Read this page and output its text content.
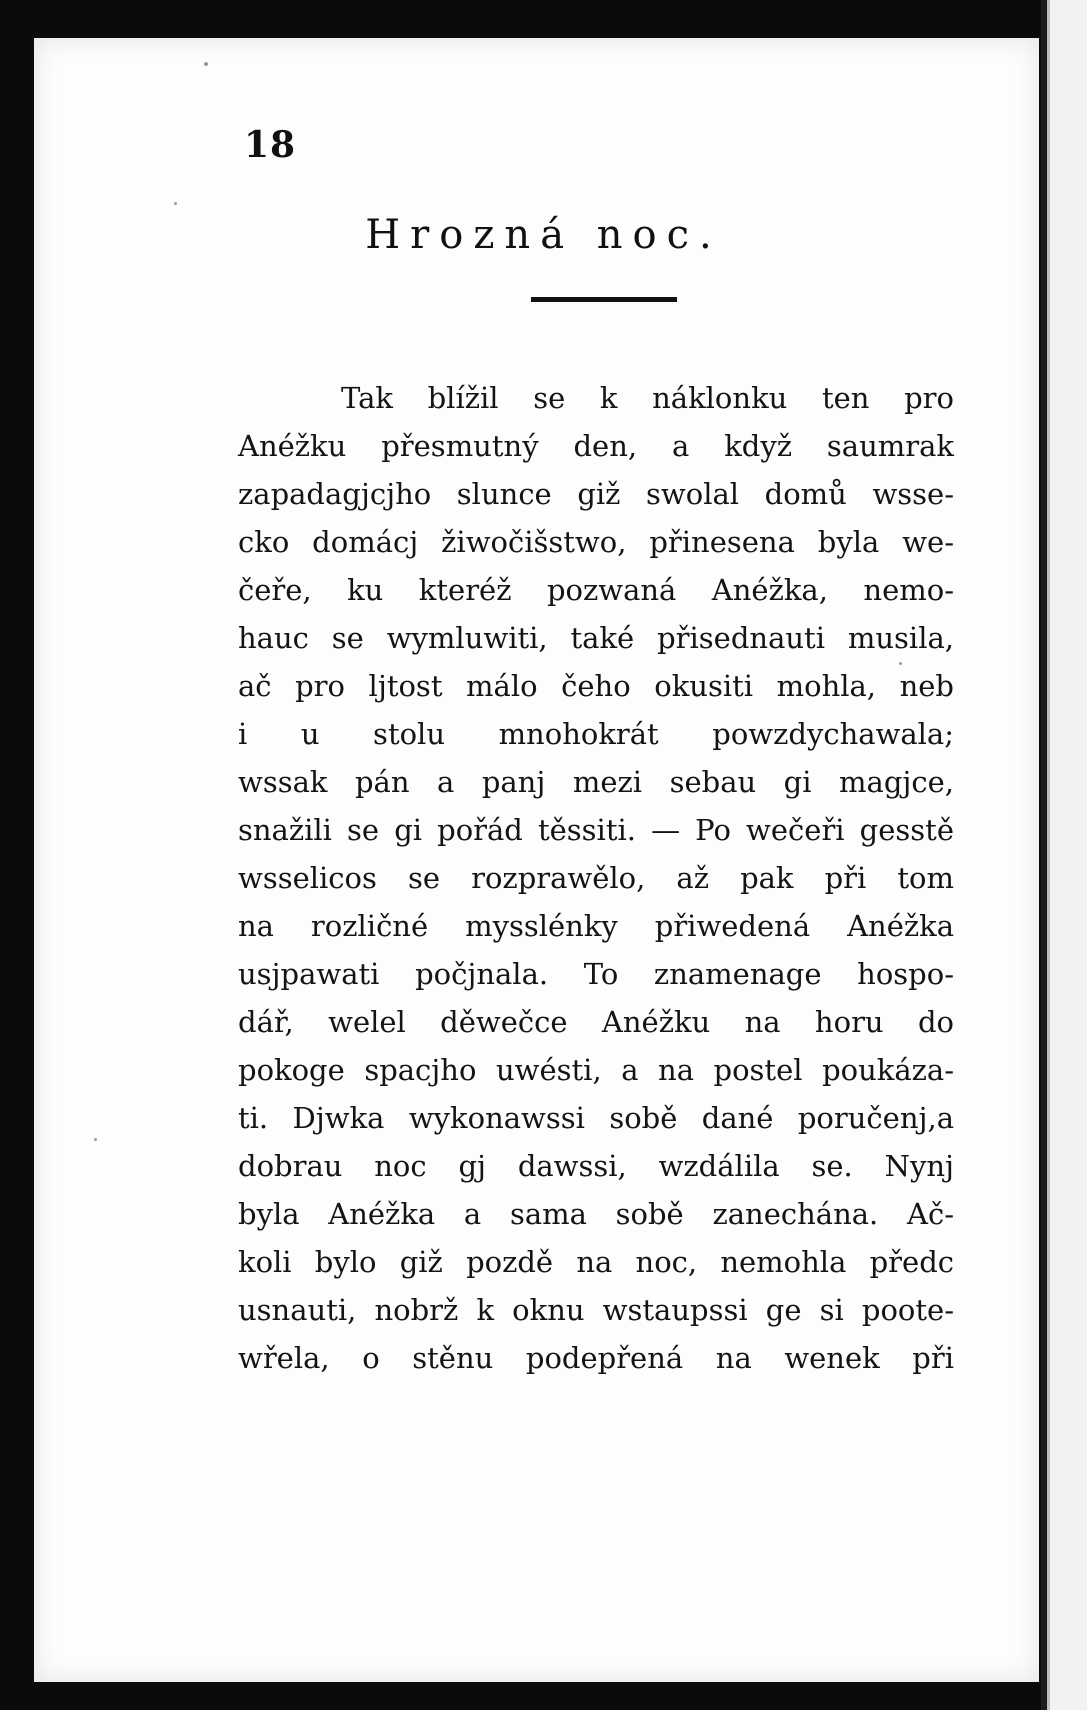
18
Hrozná noc.
Tak blížil se k náklonku ten pro
Anéžku přesmutný den, a když saumrak
zapadagjcjho slunce giž swolal domů wsse-
cko domácj žiwočišstwo, přinesena byla we-
čeře, ku kteréž pozwaná Anéžka, nemo-
hauc se wymluwiti, také přisednauti musila,
ač pro ljtost málo čeho okusiti mohla, neb
i u stolu mnohokrát powzdychawala;
wssak pán a panj mezi sebau gi magjce,
snažili se gi pořád těssiti. — Po wečeři gesstě
wsselicos se rozprawělo, až pak při tom
na rozličné mysslénky přiwedená Anéžka
usjpawati počjnala. To znamenage hospo-
dář, welel děwečce Anéžku na horu do
pokoge spacjho uwésti, a na postel poukáza-
ti. Djwka wykonawssi sobě dané poručenj,a
dobrau noc gj dawssi, wzdálila se. Nynj
byla Anéžka a sama sobě zanechána. Ač-
koli bylo giž pozdě na noc, nemohla předc
usnauti, nobrž k oknu wstaupssi ge si poote-
wřela, o stěnu podepřená na wenek při
